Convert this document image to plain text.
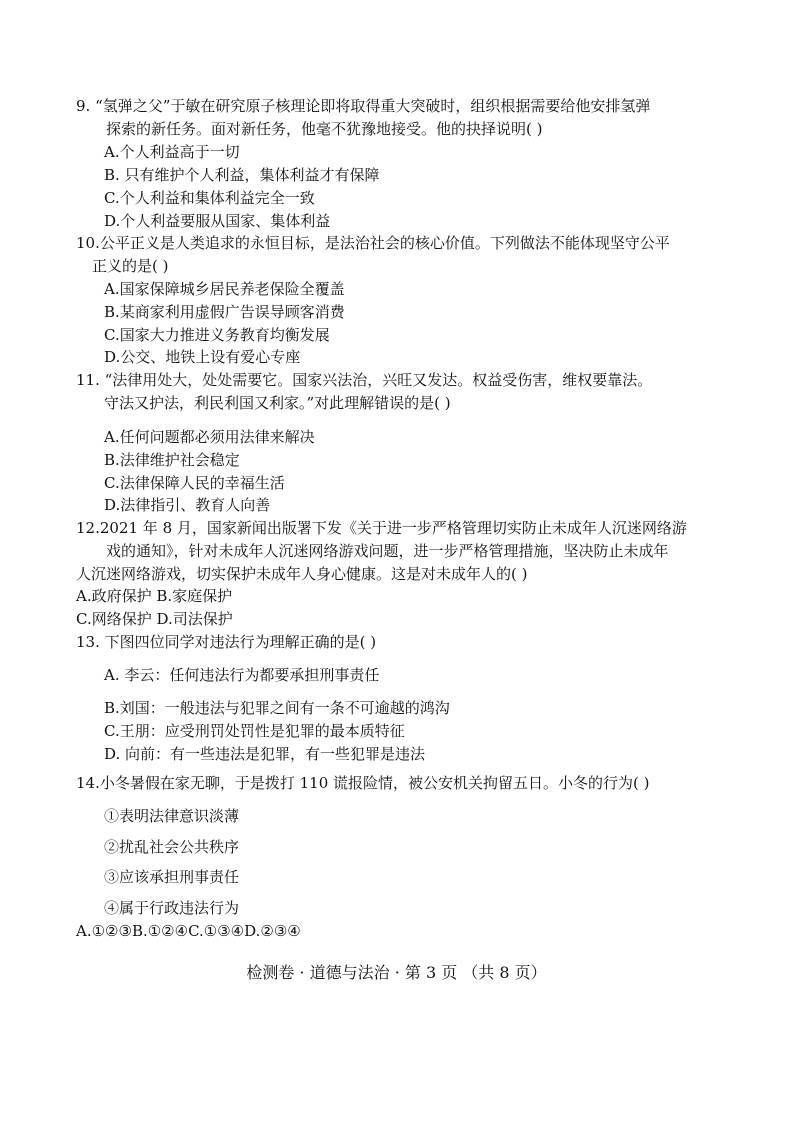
9. “氢弹之父”于敏在研究原子核理论即将取得重大突破时，组织根据需要给他安排氢弹
探索的新任务。面对新任务，他毫不犹豫地接受。他的抉择说明( )
A.个人利益高于一切
B. 只有维护个人利益，集体利益才有保障
C.个人利益和集体利益完全一致
D.个人利益要服从国家、集体利益
10.公平正义是人类追求的永恒目标，是法治社会的核心价值。下列做法不能体现坚守公平
正义的是( )
A.国家保障城乡居民养老保险全覆盖
B.某商家利用虚假广告误导顾客消费
C.国家大力推进义务教育均衡发展
D.公交、地铁上设有爱心专座
11. “法律用处大，处处需要它。国家兴法治，兴旺又发达。权益受伤害，维权要靠法。
守法又护法，利民利国又利家。”对此理解错误的是( )
A.任何问题都必须用法律来解决
B.法律维护社会稳定
C.法律保障人民的幸福生活
D.法律指引、教育人向善
12.2021 年 8 月，国家新闻出版署下发《关于进一步严格管理切实防止未成年人沉迷网络游
戏的通知》，针对未成年人沉迷网络游戏问题，进一步严格管理措施，坚决防止未成年
人沉迷网络游戏，切实保护未成年人身心健康。这是对未成年人的( )
A.政府保护 B.家庭保护
C.网络保护 D.司法保护
13. 下图四位同学对违法行为理解正确的是( )
A. 李云：任何违法行为都要承担刑事责任
B.刘国：一般违法与犯罪之间有一条不可逾越的鸿沟
C.王朋：应受刑罚处罚性是犯罪的最本质特征
D. 向前：有一些违法是犯罪，有一些犯罪是违法
14.小冬暑假在家无聊，于是拨打 110 谎报险情，被公安机关拘留五日。小冬的行为( )
①表明法律意识淡薄
②扰乱社会公共秩序
③应该承担刑事责任
④属于行政违法行为
A.①②③B.①②④C.①③④D.②③④
检测卷 · 道德与法治 · 第 3 页 （共 8 页）
